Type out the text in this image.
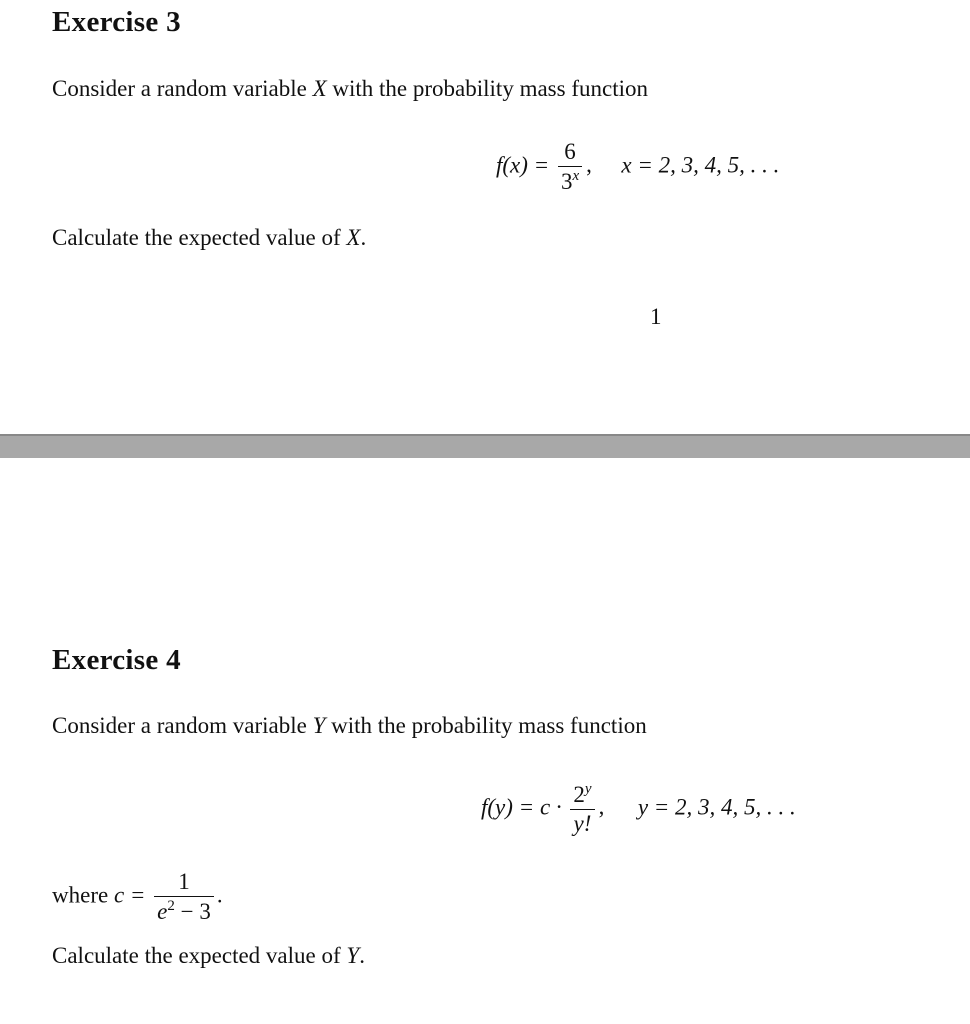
Exercise 3
Consider a random variable X with the probability mass function
$f(x) = \frac{6}{3^x}$ , x = 2, 3, 4, 5, . . .
Calculate the expected value of X.
1
Exercise 4
Consider a random variable Y with the probability mass function
$f(y) = c \cdot \frac{2^y}{y!}$ , y = 2, 3, 4, 5, . . .
where $c = \frac{1}{e^2 - 3}$ .
Calculate the expected value of Y.
